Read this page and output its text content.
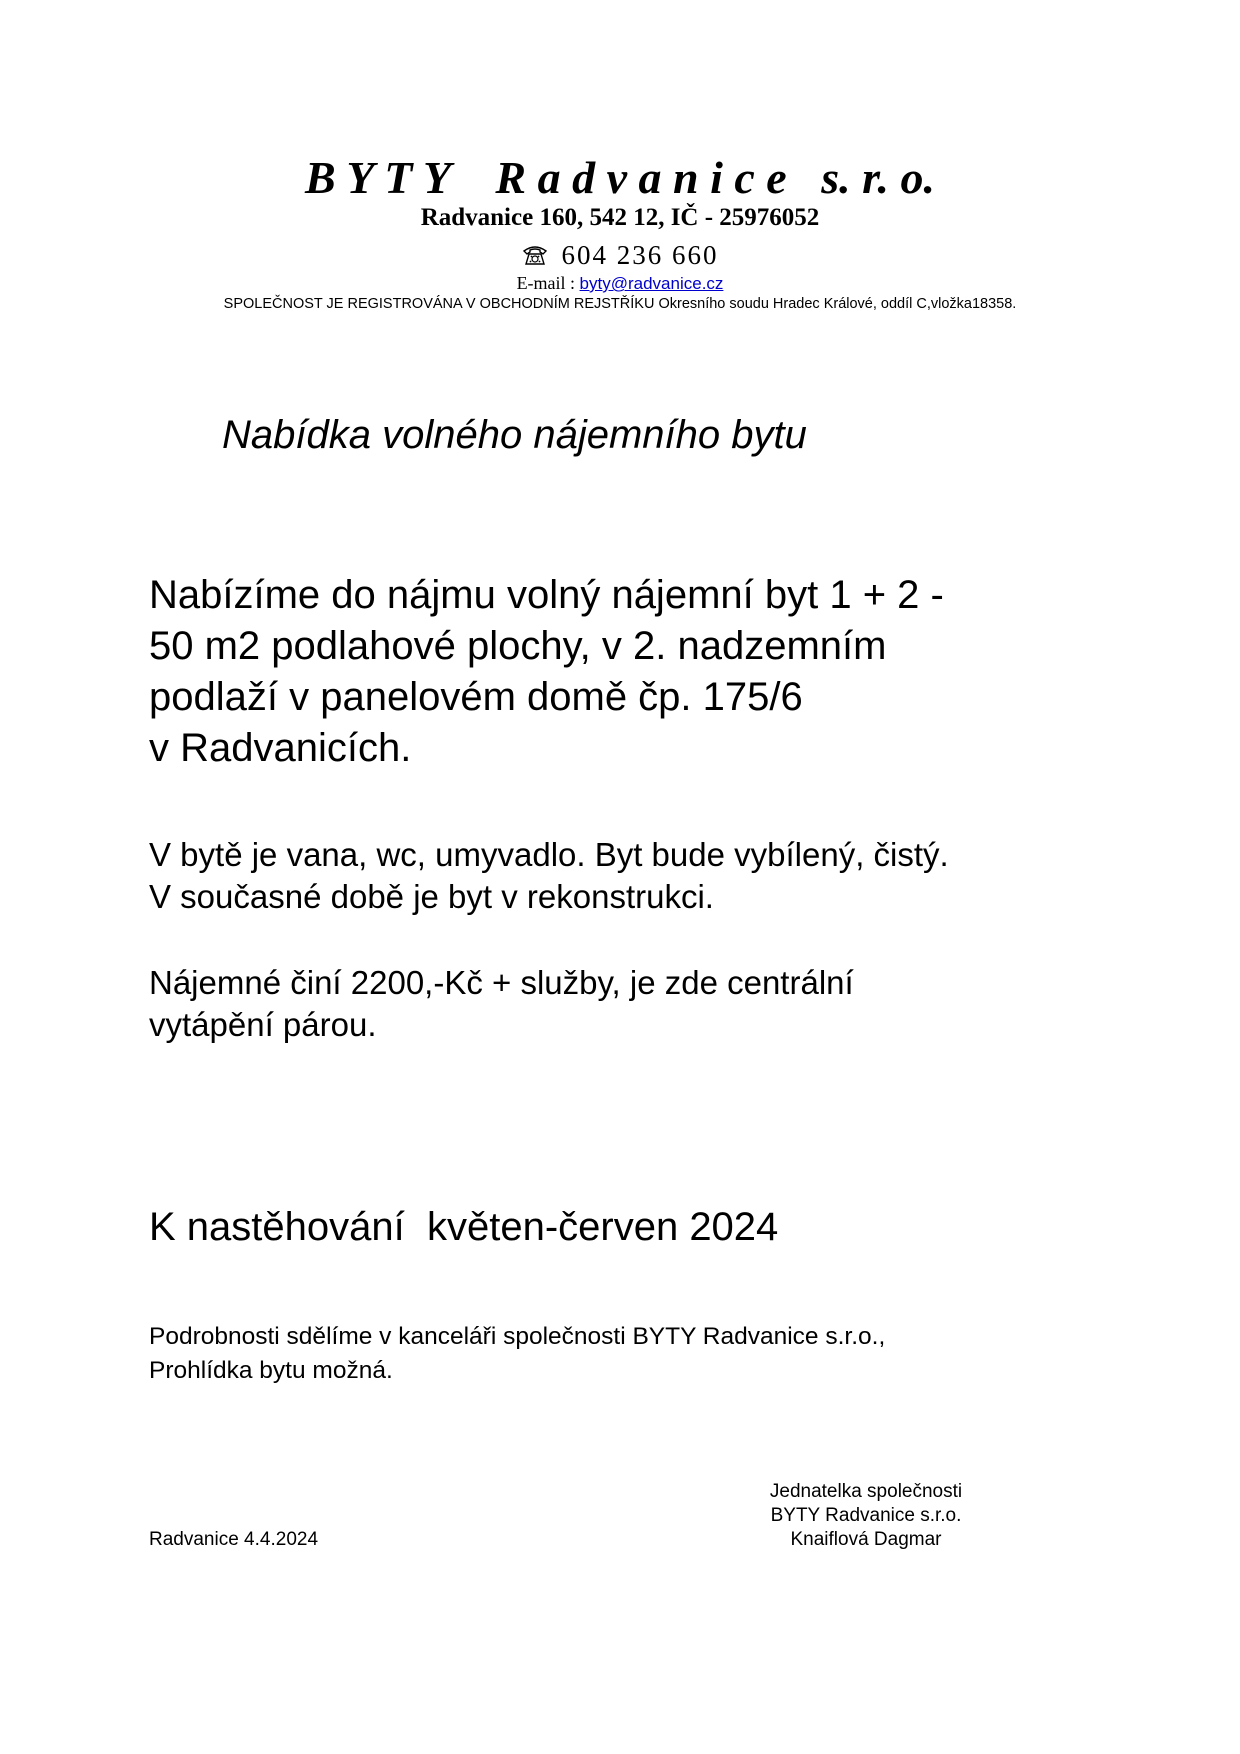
B Y T Y    R a d v a n i c e   s. r. o.
Radvanice 160, 542 12, IČ - 25976052
604 236 660
E-mail : byty@radvanice.cz
SPOLEČNOST JE REGISTROVÁNA V OBCHODNÍM REJSTŘÍKU Okresního soudu Hradec Králové, oddíl C,vložka18358.
Nabídka volného nájemního bytu
Nabízíme do nájmu volný nájemní byt 1 + 2 -
50 m2 podlahové plochy, v 2. nadzemním
podlaží v panelovém domě čp. 175/6
v Radvanicích.
V bytě je vana, wc, umyvadlo. Byt bude vybílený, čistý.
V současné době je byt v rekonstrukci.
Nájemné činí 2200,-Kč + služby, je zde centrální
vytápění párou.
K nastěhování  květen-červen 2024
Podrobnosti sdělíme v kanceláři společnosti BYTY Radvanice s.r.o.,
Prohlídka bytu možná.
Radvanice 4.4.2024
Jednatelka společnosti
BYTY Radvanice s.r.o.
Knaiflová Dagmar
